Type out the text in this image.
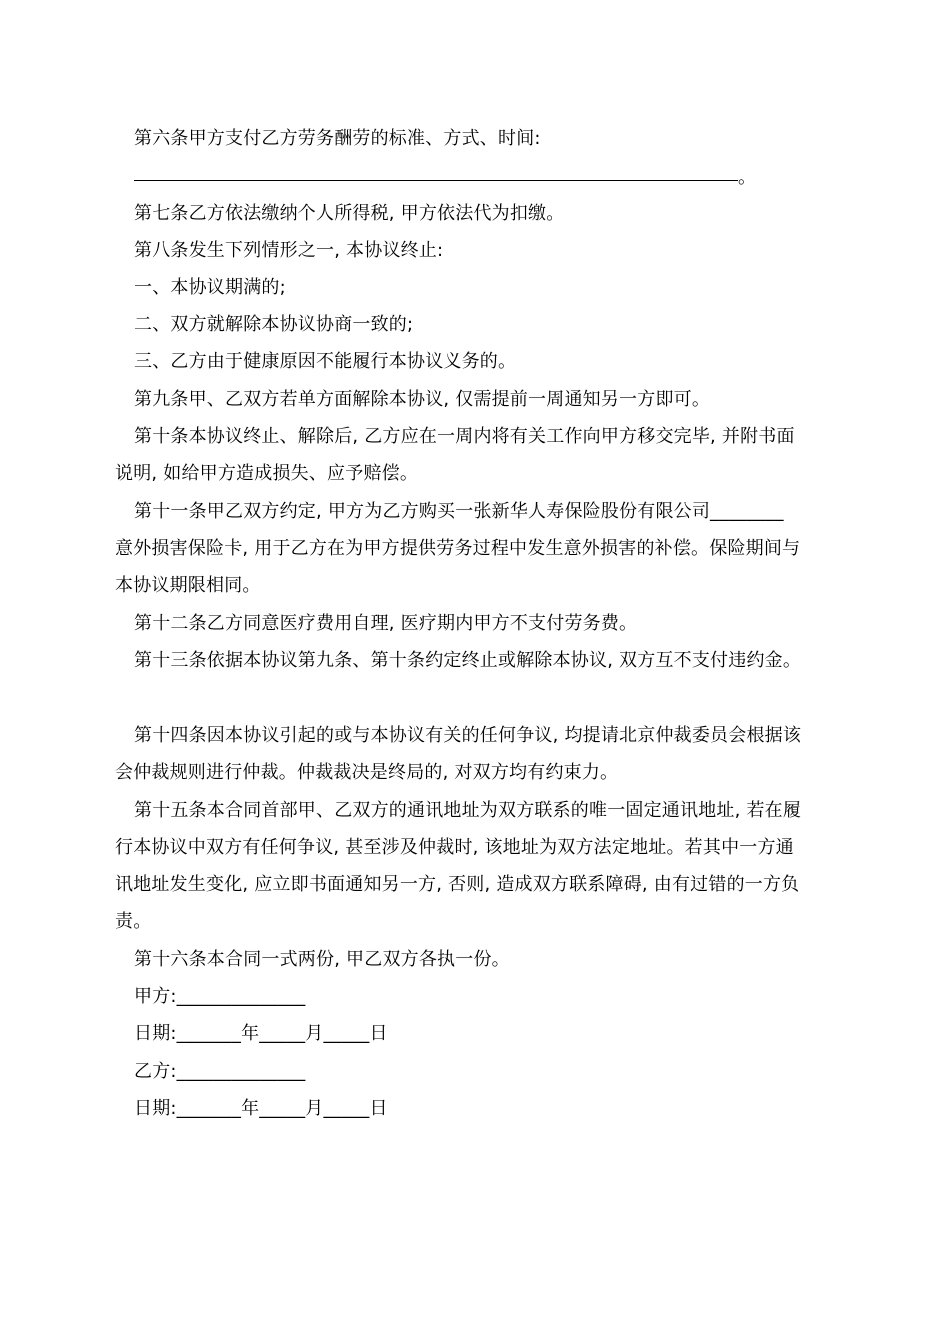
第六条甲方支付乙方劳务酬劳的标准、方式、时间:
。
第七条乙方依法缴纳个人所得税, 甲方依法代为扣缴。
第八条发生下列情形之一, 本协议终止:
一、本协议期满的;
二、双方就解除本协议协商一致的;
三、乙方由于健康原因不能履行本协议义务的。
第九条甲、乙双方若单方面解除本协议, 仅需提前一周通知另一方即可。
第十条本协议终止、解除后, 乙方应在一周内将有关工作向甲方移交完毕, 并附书面
说明, 如给甲方造成损失、应予赔偿。
第十一条甲乙双方约定, 甲方为乙方购买一张新华人寿保险股份有限公司________
意外损害保险卡, 用于乙方在为甲方提供劳务过程中发生意外损害的补偿。保险期间与
本协议期限相同。
第十二条乙方同意医疗费用自理, 医疗期内甲方不支付劳务费。
第十三条依据本协议第九条、第十条约定终止或解除本协议, 双方互不支付违约金。
第十四条因本协议引起的或与本协议有关的任何争议, 均提请北京仲裁委员会根据该
会仲裁规则进行仲裁。仲裁裁决是终局的, 对双方均有约束力。
第十五条本合同首部甲、乙双方的通讯地址为双方联系的唯一固定通讯地址, 若在履
行本协议中双方有任何争议, 甚至涉及仲裁时, 该地址为双方法定地址。若其中一方通
讯地址发生变化, 应立即书面通知另一方, 否则, 造成双方联系障碍, 由有过错的一方负
责。
第十六条本合同一式两份, 甲乙双方各执一份。
甲方:______________
日期:_______年_____月_____日
乙方:______________
日期:_______年_____月_____日
